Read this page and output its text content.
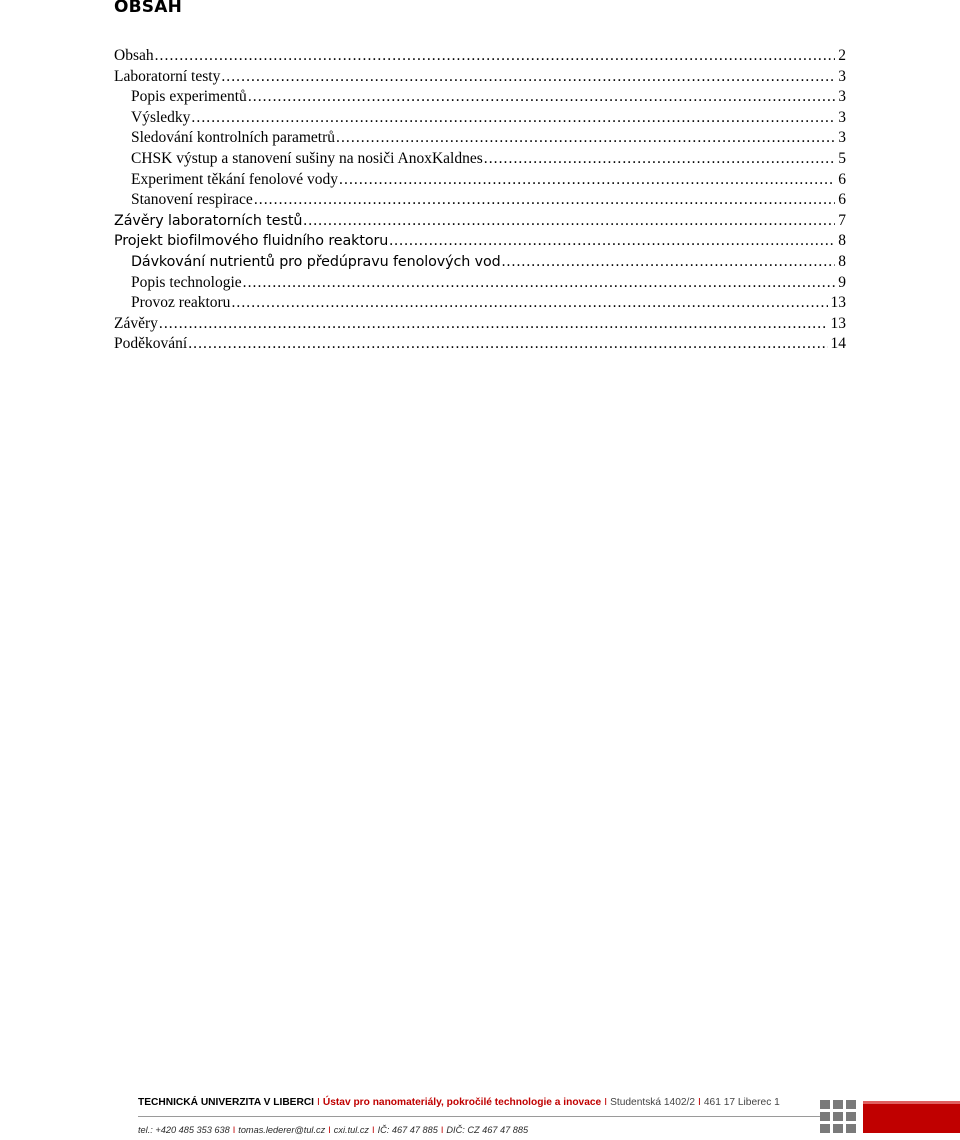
OBSAH
Obsah . . .	2
Laboratorní testy . . .	3
Popis experimentů . . .	3
Výsledky . . .	3
Sledování kontrolních parametrů . . .	3
CHSK výstup a stanovení sušiny na nosiči AnoxKaldnes . . .	5
Experiment těkání fenolové vody . . .	6
Stanovení respirace . . .	6
Závěry laboratorních testů . . .	7
Projekt biofilmového fluidního reaktoru . . .	8
Dávkování nutrientů pro předúpravu fenolových vod . . .	8
Popis technologie . . .	9
Provoz reaktoru . . .	13
Závěry . . .	13
Poděkování . . .	14
TECHNICKÁ UNIVERZITA V LIBERCI I Ústav pro nanomateriály, pokročilé technologie a inovace I Studentská 1402/2 I 461 17 Liberec 1
tel.: +420 485 353 638 I tomas.lederer@tul.cz I cxi.tul.cz I IČ: 467 47 885 I DIČ: CZ 467 47 885
